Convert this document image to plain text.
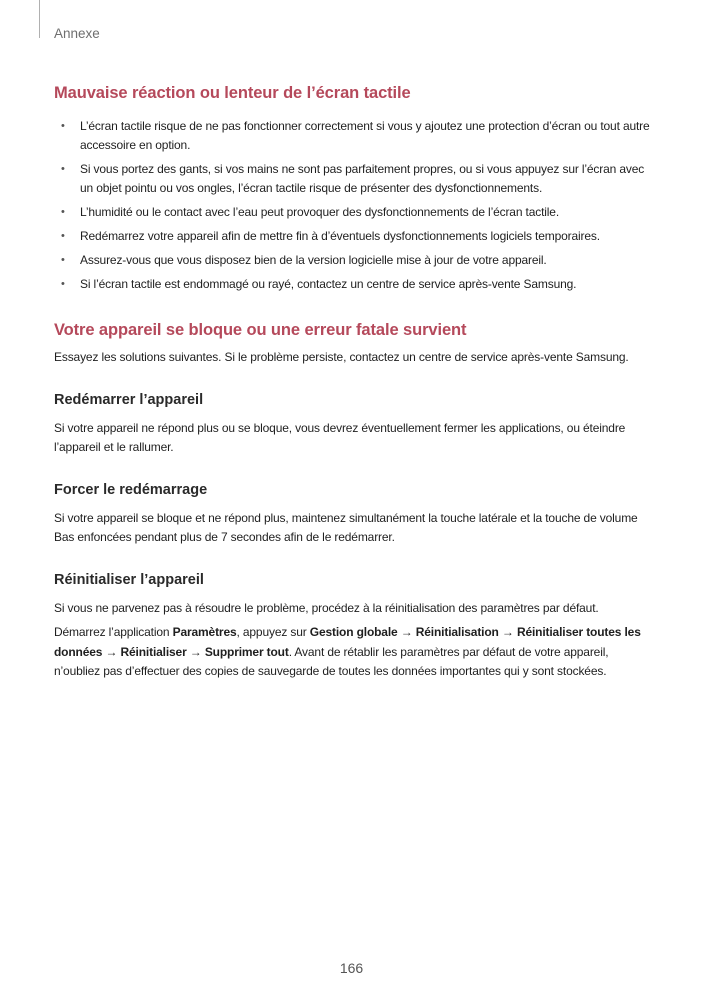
Annexe
Mauvaise réaction ou lenteur de l’écran tactile
• L’écran tactile risque de ne pas fonctionner correctement si vous y ajoutez une protection d’écran ou tout autre accessoire en option.
• Si vous portez des gants, si vos mains ne sont pas parfaitement propres, ou si vous appuyez sur l’écran avec un objet pointu ou vos ongles, l’écran tactile risque de présenter des dysfonctionnements.
• L’humidité ou le contact avec l’eau peut provoquer des dysfonctionnements de l’écran tactile.
• Redémarrez votre appareil afin de mettre fin à d’éventuels dysfonctionnements logiciels temporaires.
• Assurez-vous que vous disposez bien de la version logicielle mise à jour de votre appareil.
• Si l’écran tactile est endommagé ou rayé, contactez un centre de service après-vente Samsung.
Votre appareil se bloque ou une erreur fatale survient

Essayez les solutions suivantes. Si le problème persiste, contactez un centre de service après-vente Samsung.

Redémarrer l’appareil

Si votre appareil ne répond plus ou se bloque, vous devrez éventuellement fermer les applications, ou éteindre l’appareil et le rallumer.

Forcer le redémarrage

Si votre appareil se bloque et ne répond plus, maintenez simultanément la touche latérale et la touche de volume Bas enfoncées pendant plus de 7 secondes afin de le redémarrer.

Réinitialiser l’appareil

Si vous ne parvenez pas à résoudre le problème, procédez à la réinitialisation des paramètres par défaut.

Démarrez l’application Paramètres, appuyez sur Gestion globale → Réinitialisation → Réinitialiser toutes les données → Réinitialiser → Supprimer tout. Avant de rétablir les paramètres par défaut de votre appareil, n’oubliez pas d’effectuer des copies de sauvegarde de toutes les données importantes qui y sont stockées.

166
